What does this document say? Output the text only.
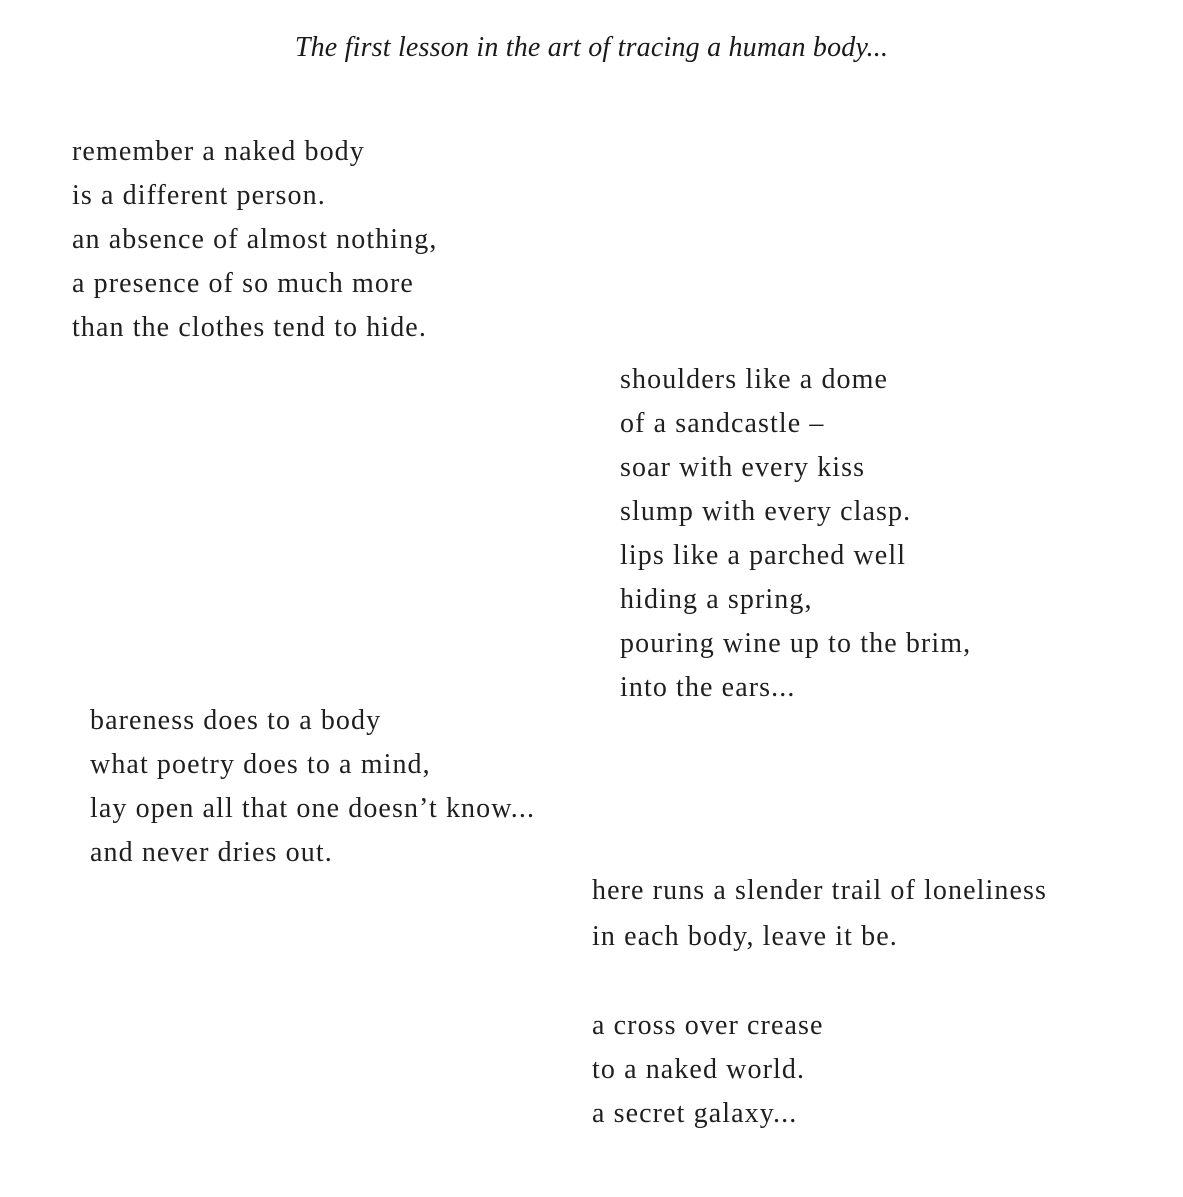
The first lesson in the art of tracing a human body...
remember a naked body
is a different person.
an absence of almost nothing,
a presence of so much more
than the clothes tend to hide.
shoulders like a dome
of a sandcastle –
soar with every kiss
slump with every clasp.
lips like a parched well
hiding a spring,
pouring wine up to the brim,
into the ears...
bareness does to a body
what poetry does to a mind,
lay open all that one doesn’t know...
and never dries out.
here runs a slender trail of loneliness
in each body, leave it be.
a cross over crease
to a naked world.
a secret galaxy...
